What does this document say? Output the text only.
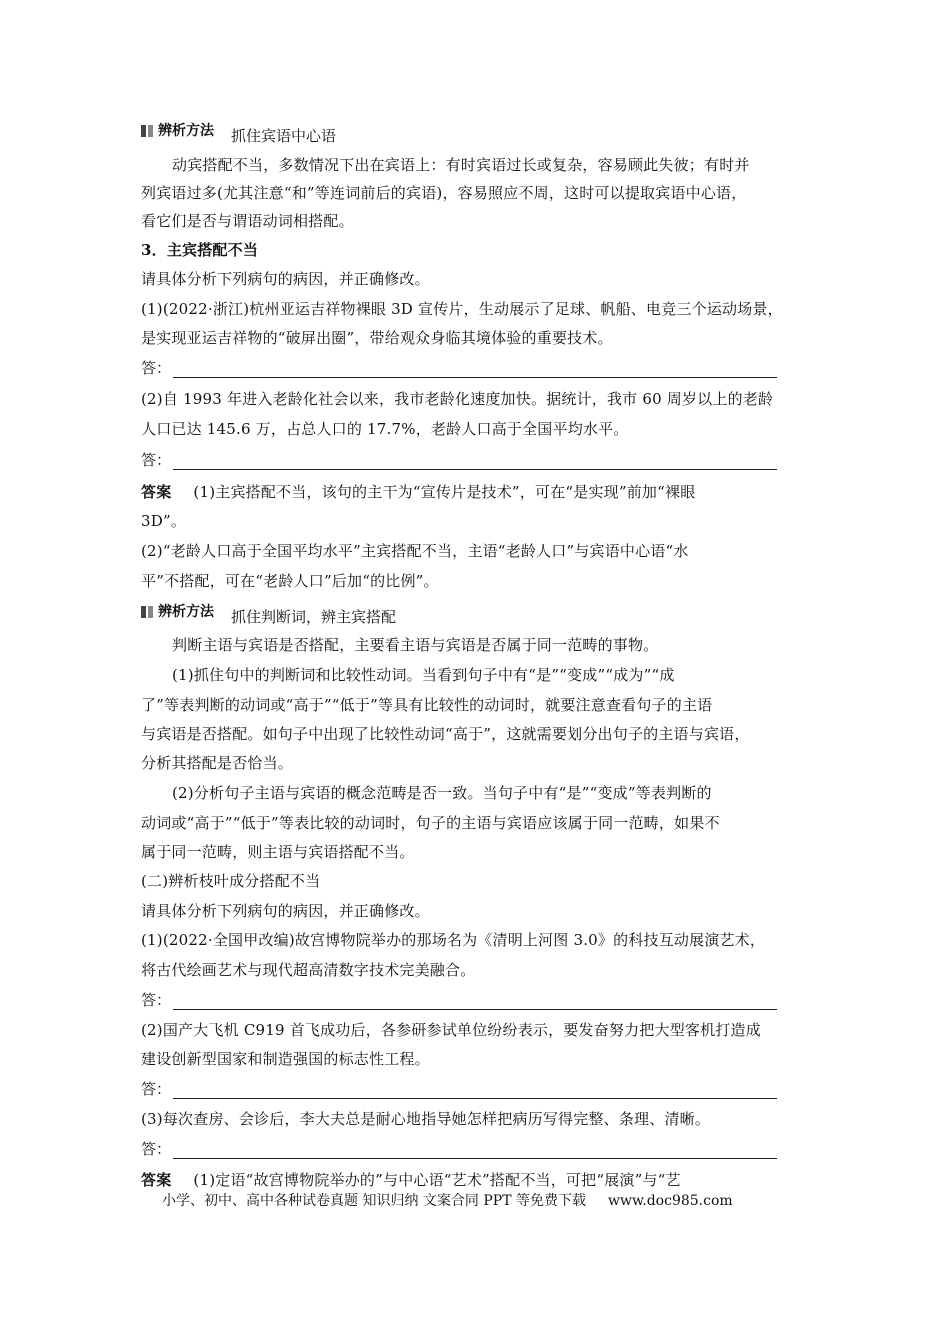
辨析方法 抓住宾语中心语
动宾搭配不当，多数情况下出在宾语上：有时宾语过长或复杂，容易顾此失彼；有时并
列宾语过多(尤其注意“和”等连词前后的宾语)，容易照应不周，这时可以提取宾语中心语，
看它们是否与谓语动词相搭配。
3．主宾搭配不当
请具体分析下列病句的病因，并正确修改。
(1)(2022·浙江)杭州亚运吉祥物裸眼 3D 宣传片，生动展示了足球、帆船、电竞三个运动场景，
是实现亚运吉祥物的“破屏出圈”，带给观众身临其境体验的重要技术。
答：
(2)自 1993 年进入老龄化社会以来，我市老龄化速度加快。据统计，我市 60 周岁以上的老龄
人口已达 145.6 万，占总人口的 17.7%，老龄人口高于全国平均水平。
答：
答案 (1)主宾搭配不当，该句的主干为“宣传片是技术”，可在“是实现”前加“裸眼
3D”。
(2)“老龄人口高于全国平均水平”主宾搭配不当，主语“老龄人口”与宾语中心语“水
平”不搭配，可在“老龄人口”后加“的比例”。
辨析方法 抓住判断词，辨主宾搭配
判断主语与宾语是否搭配，主要看主语与宾语是否属于同一范畴的事物。
(1)抓住句中的判断词和比较性动词。当看到句子中有“是”“变成”“成为”“成
了”等表判断的动词或“高于”“低于”等具有比较性的动词时，就要注意查看句子的主语
与宾语是否搭配。如句子中出现了比较性动词“高于”，这就需要划分出句子的主语与宾语，
分析其搭配是否恰当。
(2)分析句子主语与宾语的概念范畴是否一致。当句子中有“是”“变成”等表判断的
动词或“高于”“低于”等表比较的动词时，句子的主语与宾语应该属于同一范畴，如果不
属于同一范畴，则主语与宾语搭配不当。
(二)辨析枝叶成分搭配不当
请具体分析下列病句的病因，并正确修改。
(1)(2022·全国甲改编)故宫博物院举办的那场名为《清明上河图 3.0》的科技互动展演艺术，
将古代绘画艺术与现代超高清数字技术完美融合。
答：
(2)国产大飞机 C919 首飞成功后，各参研参试单位纷纷表示，要发奋努力把大型客机打造成
建设创新型国家和制造强国的标志性工程。
答：
(3)每次查房、会诊后，李大夫总是耐心地指导她怎样把病历写得完整、条理、清晰。
答：
答案 (1)定语“故宫博物院举办的”与中心语“艺术”搭配不当，可把“展演”与“艺
小学、初中、高中各种试卷真题 知识归纳 文案合同 PPT 等免费下载 www.doc985.com
